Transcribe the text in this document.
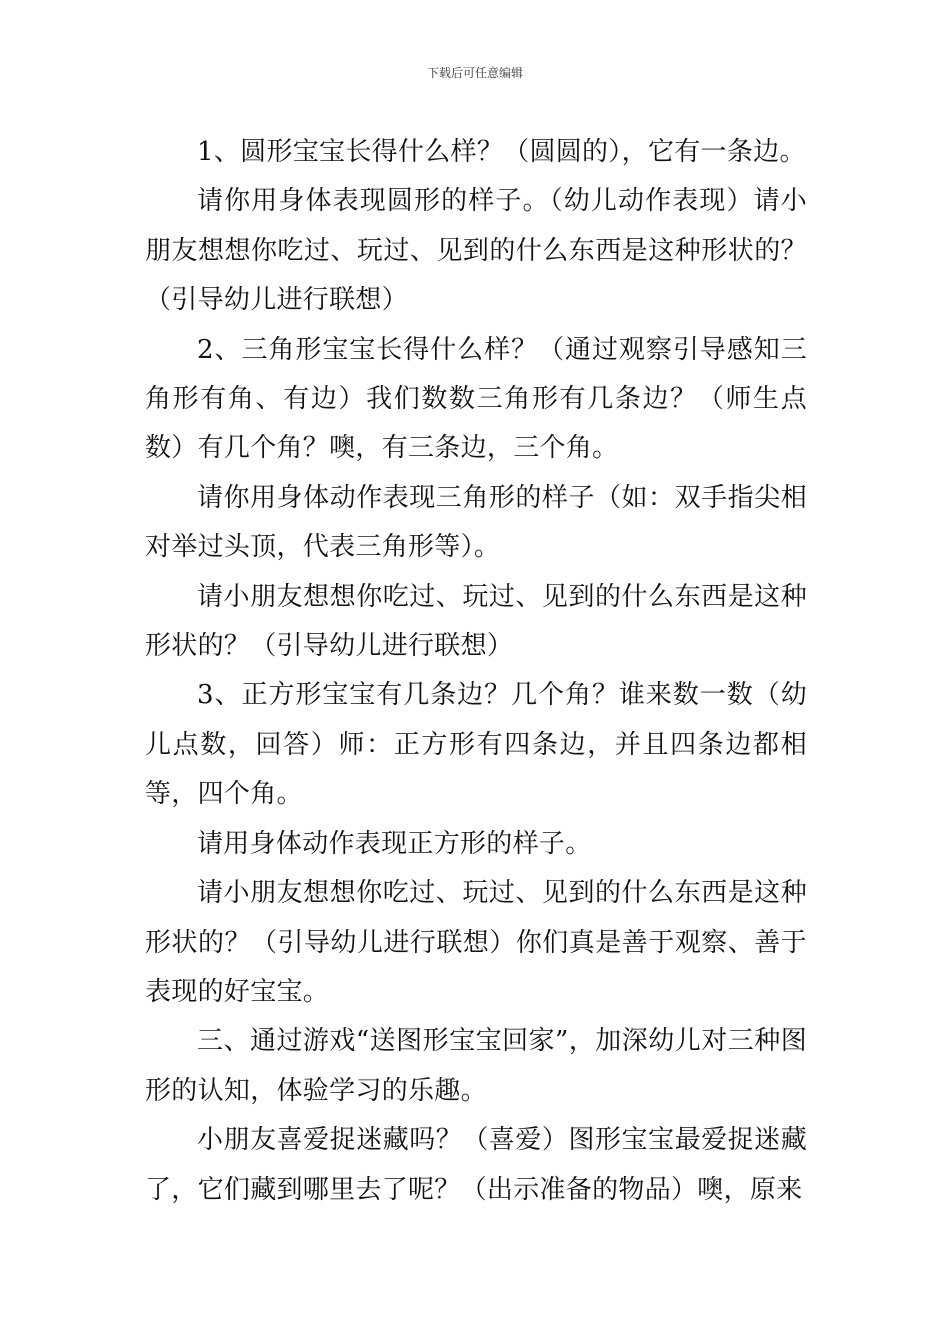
下载后可任意编辑

1、圆形宝宝长得什么样？（圆圆的），它有一条边。

请你用身体表现圆形的样子。（幼儿动作表现）请小朋友想想你吃过、玩过、见到的什么东西是这种形状的？（引导幼儿进行联想）

2、三角形宝宝长得什么样？（通过观察引导感知三角形有角、有边）我们数数三角形有几条边？（师生点数）有几个角？噢，有三条边，三个角。

请你用身体动作表现三角形的样子（如：双手指尖相对举过头顶，代表三角形等）。

请小朋友想想你吃过、玩过、见到的什么东西是这种形状的？（引导幼儿进行联想）

3、正方形宝宝有几条边？几个角？谁来数一数（幼儿点数，回答）师：正方形有四条边，并且四条边都相等，四个角。

请用身体动作表现正方形的样子。

请小朋友想想你吃过、玩过、见到的什么东西是这种形状的？（引导幼儿进行联想）你们真是善于观察、善于表现的好宝宝。

三、通过游戏“送图形宝宝回家”，加深幼儿对三种图形的认知，体验学习的乐趣。

小朋友喜爱捉迷藏吗？（喜爱）图形宝宝最爱捉迷藏了，它们藏到哪里去了呢？（出示准备的物品）噢，原来
